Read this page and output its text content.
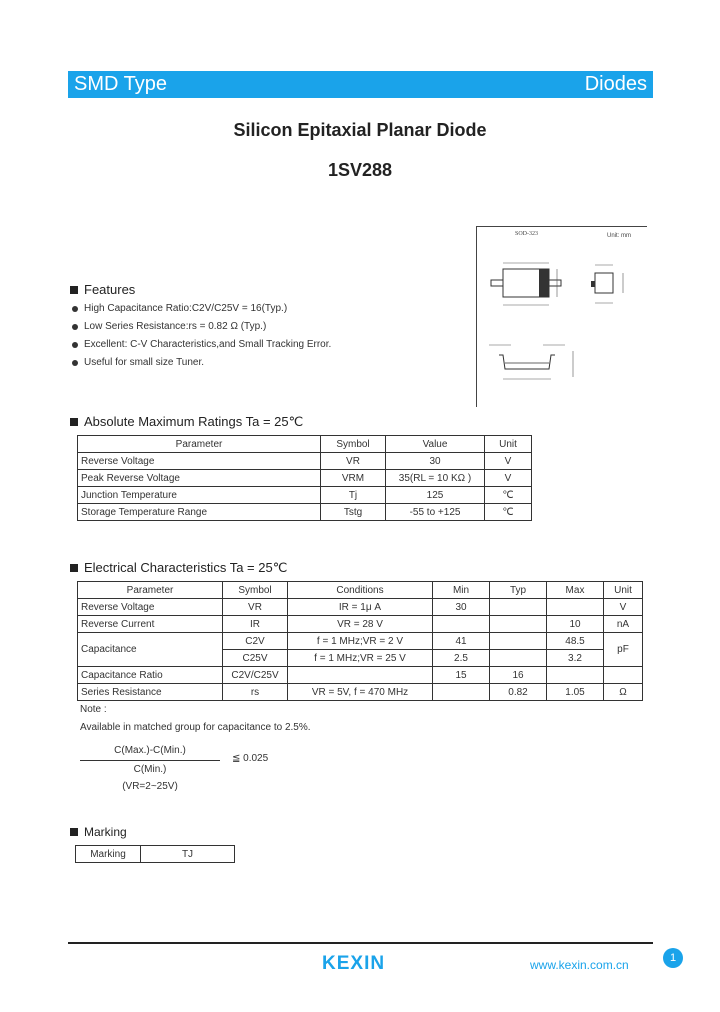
SMD Type	Diodes
Silicon Epitaxial Planar Diode
1SV288
SOD-323	Unit: mm
Features
High Capacitance Ratio:C2V/C25V = 16(Typ.)
Low Series Resistance:rs = 0.82 Ω (Typ.)
Excellent: C-V Characteristics,and Small Tracking Error.
Useful for small size Tuner.
Absolute Maximum Ratings Ta = 25℃
Parameter	Symbol	Value	Unit
Reverse Voltage	VR	30	V
Peak Reverse Voltage	VRM	35(RL = 10 KΩ )	V
Junction Temperature	Tj	125	℃
Storage Temperature Range	Tstg	-55 to +125	℃
Electrical Characteristics Ta = 25℃
Parameter	Symbol	Conditions	Min	Typ	Max	Unit
Reverse Voltage	VR	IR = 1μ A	30			V
Reverse Current	IR	VR = 28 V			10	nA
Capacitance	C2V	f = 1 MHz;VR = 2 V	41		48.5	pF
	C25V	f = 1 MHz;VR = 25 V	2.5		3.2	
Capacitance Ratio	C2V/C25V		15	16		
Series Resistance	rs	VR = 5V, f = 470 MHz		0.82	1.05	Ω
Note :
Available in matched group for capacitance to 2.5%.
C(Max.)-C(Min.)
C(Min.)
(VR=2~25V)
≦ 0.025
Marking
Marking	TJ
KEXIN	www.kexin.com.cn	1
